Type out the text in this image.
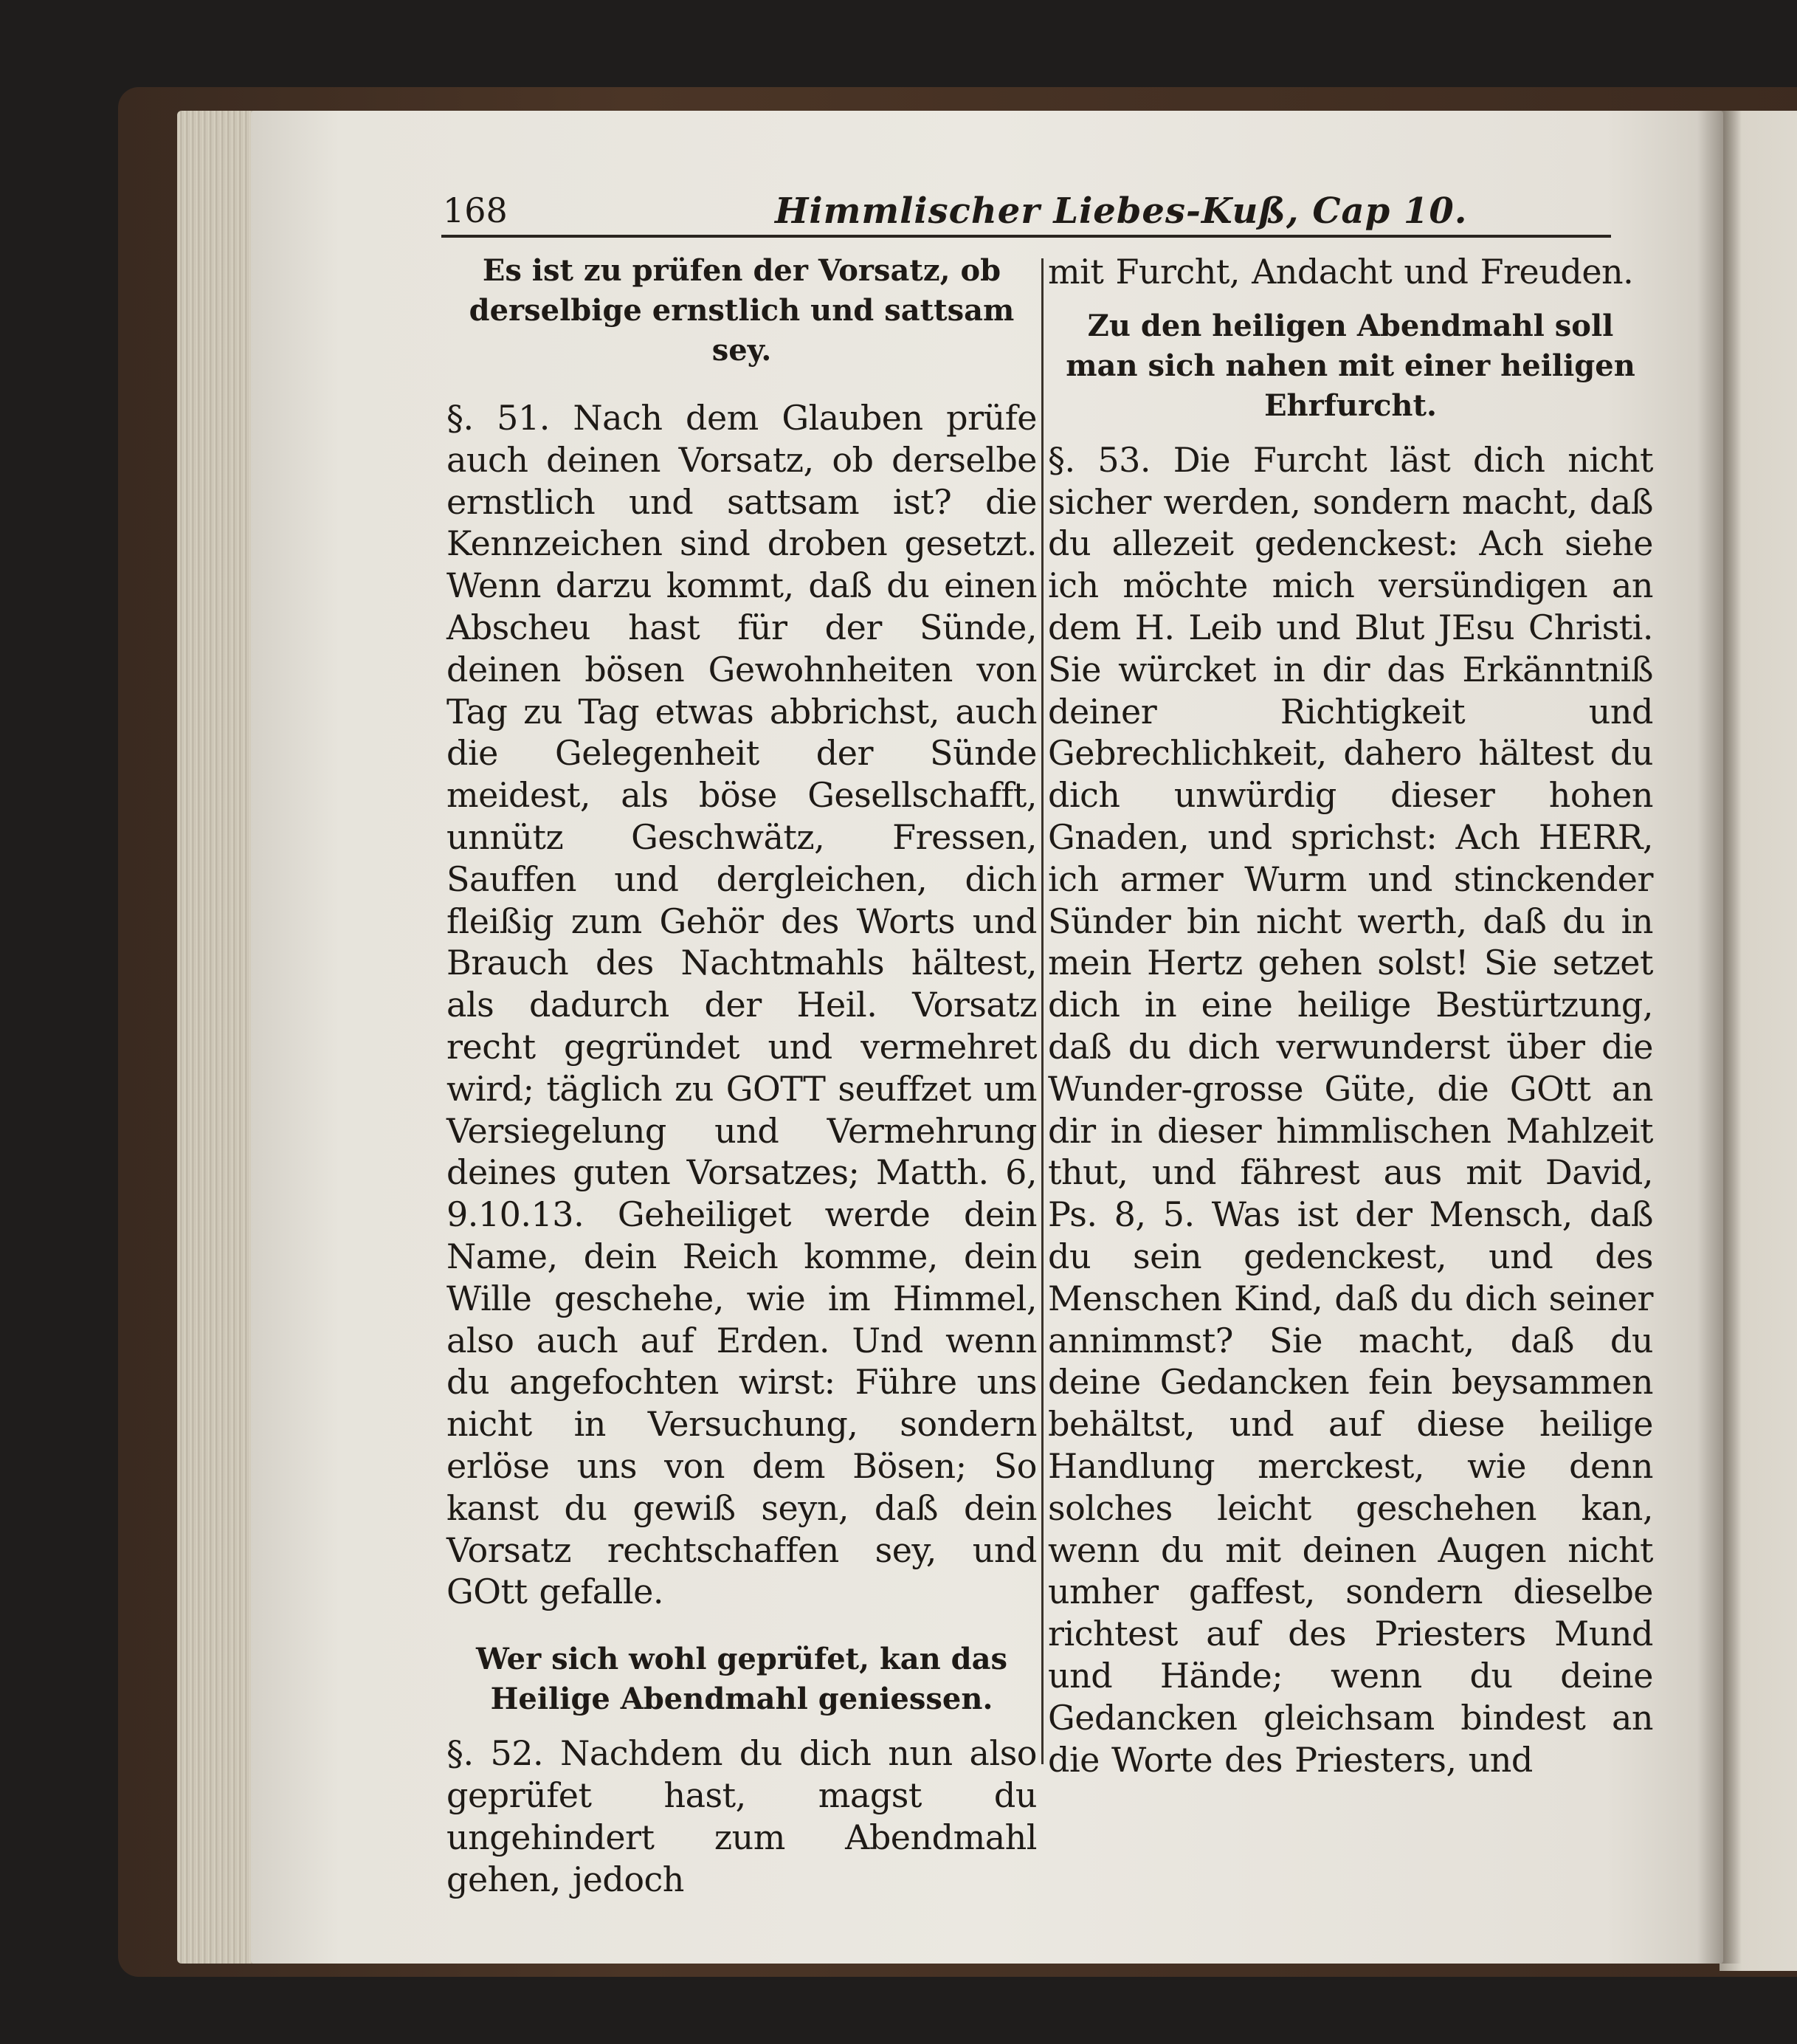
168	Himmlischer Liebes-Kuß, Cap 10.

Es ist zu prüfen der Vorsatz, ob derselbige ernstlich und sattsam sey.

§. 51. Nach dem Glauben prüfe auch deinen Vorsatz, ob derselbe ernstlich und sattsam ist? die Kennzeichen sind droben gesetzt. Wenn darzu kommt, daß du einen Abscheu hast für der Sünde, deinen bösen Gewohnheiten von Tag zu Tag etwas abbrichst, auch die Gelegenheit der Sünde meidest, als böse Gesellschafft, unnütz Geschwätz, Fressen, Sauffen und dergleichen, dich fleißig zum Gehör des Worts und Brauch des Nachtmahls hältest, als dadurch der Heil. Vorsatz recht gegründet und vermehret wird; täglich zu GOTT seuffzet um Versiegelung und Vermehrung deines guten Vorsatzes; Matth. 6, 9.10.13. Geheiliget werde dein Name, dein Reich komme, dein Wille geschehe, wie im Himmel, also auch auf Erden. Und wenn du angefochten wirst: Führe uns nicht in Versuchung, sondern erlöse uns von dem Bösen; So kanst du gewiß seyn, daß dein Vorsatz rechtschaffen sey, und GOtt gefalle.

Wer sich wohl geprüfet, kan das Heilige Abendmahl geniessen.

§. 52. Nachdem du dich nun also geprüfet hast, magst du ungehindert zum Abendmahl gehen, jedoch

mit Furcht, Andacht und Freuden.

Zu den heiligen Abendmahl soll man sich nahen mit einer heiligen Ehrfurcht.

§. 53. Die Furcht läst dich nicht sicher werden, sondern macht, daß du allezeit gedenckest: Ach siehe ich möchte mich versündigen an dem H. Leib und Blut JEsu Christi. Sie würcket in dir das Erkänntniß deiner Richtigkeit und Gebrechlichkeit, dahero hältest du dich unwürdig dieser hohen Gnaden, und sprichst: Ach HERR, ich armer Wurm und stinckender Sünder bin nicht werth, daß du in mein Hertz gehen solst! Sie setzet dich in eine heilige Bestürtzung, daß du dich verwunderst über die Wunder-grosse Güte, die GOtt an dir in dieser himmlischen Mahlzeit thut, und fährest aus mit David, Ps. 8, 5. Was ist der Mensch, daß du sein gedenckest, und des Menschen Kind, daß du dich seiner annimmst? Sie macht, daß du deine Gedancken fein beysammen behältst, und auf diese heilige Handlung merckest, wie denn solches leicht geschehen kan, wenn du mit deinen Augen nicht umher gaffest, sondern dieselbe richtest auf des Priesters Mund und Hände; wenn du deine Gedancken gleichsam bindest an die Worte des Priesters, und
